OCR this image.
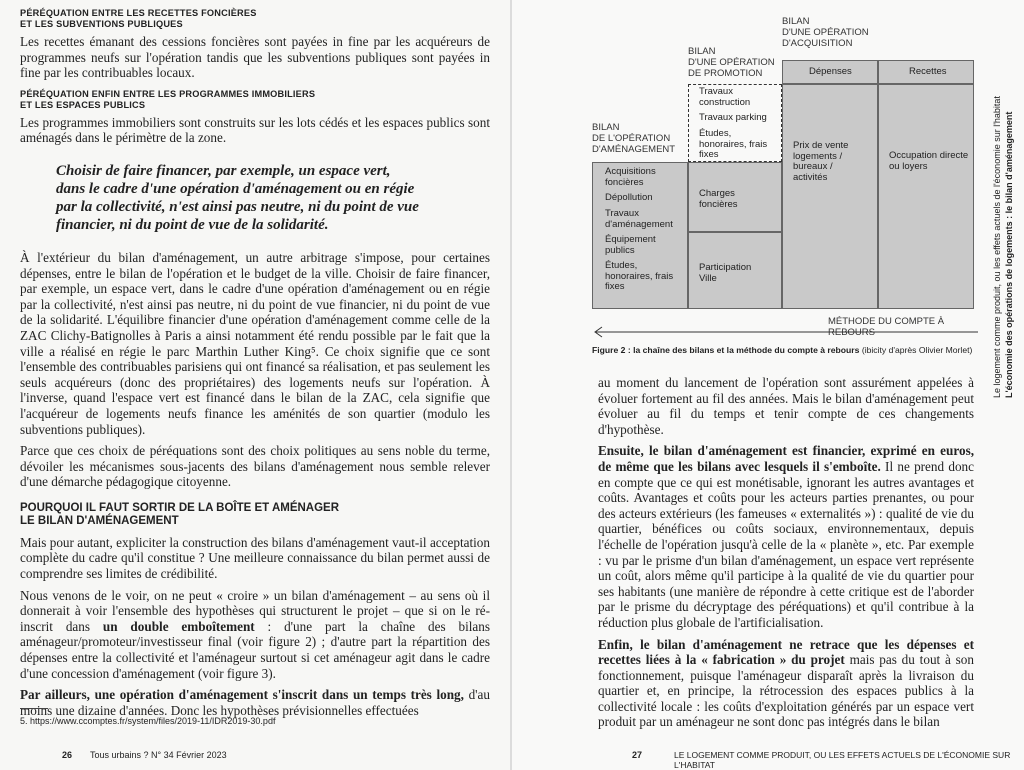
PÉRÉQUATION ENTRE LES RECETTES FONCIÈRES
ET LES SUBVENTIONS PUBLIQUES

Les recettes émanant des cessions foncières sont payées in fine par les acquéreurs de programmes neufs sur l'opération tandis que les subventions publiques sont payées in fine par les contribuables locaux.

PÉRÉQUATION ENFIN ENTRE LES PROGRAMMES IMMOBILIERS
ET LES ESPACES PUBLICS

Les programmes immobiliers sont construits sur les lots cédés et les espaces publics sont aménagés dans le périmètre de la zone.

Choisir de faire financer, par exemple, un espace vert, dans le cadre d'une opération d'aménagement ou en régie par la collectivité, n'est ainsi pas neutre, ni du point de vue financier, ni du point de vue de la solidarité.

À l'extérieur du bilan d'aménagement, un autre arbitrage s'impose, pour certaines dépenses, entre le bilan de l'opération et le budget de la ville. Choisir de faire financer, par exemple, un espace vert, dans le cadre d'une opération d'aménagement ou en régie par la collectivité, n'est ainsi pas neutre, ni du point de vue financier, ni du point de vue de la solidarité. L'équilibre financier d'une opération d'aménagement comme celle de la ZAC Clichy-Batignolles à Paris a ainsi notamment été rendu possible par le fait que la ville a réalisé en régie le parc Marthin Luther King⁵. Ce choix signifie que ce sont l'ensemble des contribuables parisiens qui ont financé sa réalisation, et pas seulement les seuls acquéreurs (donc des propriétaires) des logements neufs sur l'opération. À l'inverse, quand l'espace vert est financé dans le bilan de la ZAC, cela signifie que l'acquéreur de logements neufs finance les aménités de son quartier (modulo les subventions publiques).

Parce que ces choix de péréquations sont des choix politiques au sens noble du terme, dévoiler les mécanismes sous-jacents des bilans d'aménagement nous semble relever d'une démarche pédagogique citoyenne.

POURQUOI IL FAUT SORTIR DE LA BOÎTE ET AMÉNAGER
LE BILAN D'AMÉNAGEMENT

Mais pour autant, expliciter la construction des bilans d'aménagement vaut-il acceptation complète du cadre qu'il constitue ? Une meilleure connaissance du bilan permet aussi de comprendre ses limites de crédibilité.

Nous venons de le voir, on ne peut « croire » un bilan d'aménagement – au sens où il donnerait à voir l'ensemble des hypothèses qui structurent le projet – que si on le ré-inscrit dans un double emboîtement : d'une part la chaîne des bilans aménageur/promoteur/investisseur final (voir figure 2) ; d'autre part la répartition des dépenses entre la collectivité et l'aménageur surtout si cet aménageur agit dans le cadre d'une concession d'aménagement (voir figure 3).

Par ailleurs, une opération d'aménagement s'inscrit dans un temps très long, d'au moins une dizaine d'années. Donc les hypothèses prévisionnelles effectuées

5. https://www.ccomptes.fr/system/files/2019-11/IDR2019-30.pdf
26 Tous urbains ? N° 34 Février 2023
BILAN
D'UNE OPÉRATION
D'ACQUISITION
BILAN
D'UNE OPÉRATION
DE PROMOTION
BILAN
DE L'OPÉRATION
D'AMÉNAGEMENT
Dépenses	Recettes
Prix de vente logements / bureaux / activités
Occupation directe ou loyers
Travaux construction
Travaux parking
Études, honoraires, frais fixes
Charges foncières
Participation Ville
Acquisitions foncières
Dépollution
Travaux d'aménagement
Équipement publics
Études, honoraires, frais fixes
MÉTHODE DU COMPTE À REBOURS
Figure 2 : la chaîne des bilans et la méthode du compte à rebours (ibicity d'après Olivier Morlet)

au moment du lancement de l'opération sont assurément appelées à évoluer fortement au fil des années. Mais le bilan d'aménagement peut évoluer au fil du temps et tenir compte de ces changements d'hypothèse.

Ensuite, le bilan d'aménagement est financier, exprimé en euros, de même que les bilans avec lesquels il s'emboîte. Il ne prend donc en compte que ce qui est monétisable, ignorant les autres avantages et coûts. Avantages et coûts pour les acteurs parties prenantes, ou pour des acteurs extérieurs (les fameuses « externalités ») : qualité de vie du quartier, bénéfices ou coûts sociaux, environnementaux, depuis l'échelle de l'opération jusqu'à celle de la « planète », etc. Par exemple : vu par le prisme d'un bilan d'aménagement, un espace vert représente un coût, alors même qu'il participe à la qualité de vie du quartier pour ses habitants (une manière de répondre à cette critique est de l'aborder par le prisme du décryptage des péréquations) et qu'il contribue à la réduction plus globale de l'artificialisation.

Enfin, le bilan d'aménagement ne retrace que les dépenses et recettes liées à la « fabrication » du projet mais pas du tout à son fonctionnement, puisque l'aménageur disparaît après la livraison du quartier et, en principe, la rétrocession des espaces publics à la collectivité locale : les coûts d'exploitation générés par un espace vert produit par un aménageur ne sont donc pas intégrés dans le bilan

Le logement comme produit, ou les effets actuels de l'économie sur l'habitat L'économie des opérations de logements : le bilan d'aménagement
27	LE LOGEMENT COMME PRODUIT, OU LES EFFETS ACTUELS DE L'ÉCONOMIE SUR L'HABITAT
